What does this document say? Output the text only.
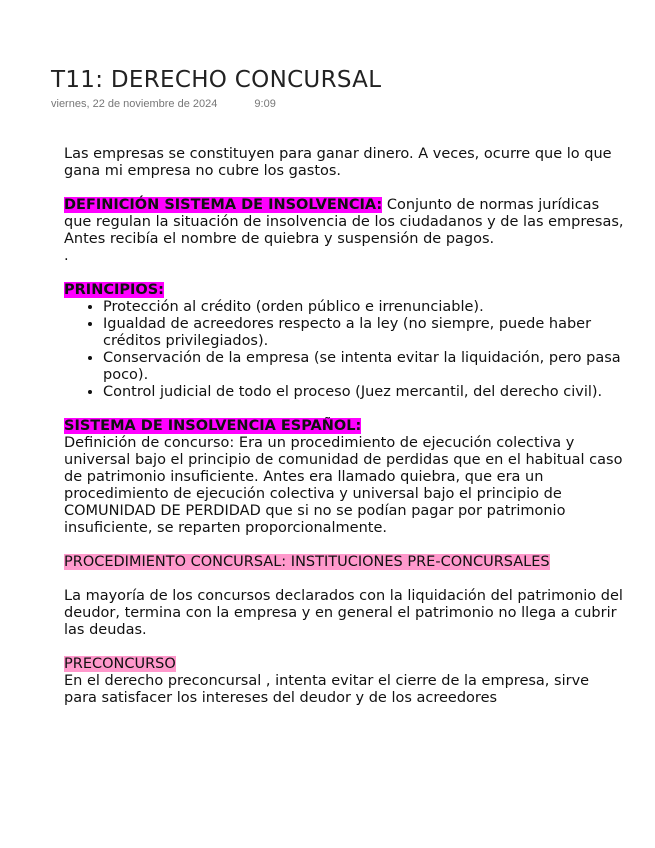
T11: DERECHO CONCURSAL
viernes, 22 de noviembre de 2024	9:09

Las empresas se constituyen para ganar dinero. A veces, ocurre que lo que gana mi empresa no cubre los gastos.

DEFINICIÓN SISTEMA DE INSOLVENCIA: Conjunto de normas jurídicas que regulan la situación de insolvencia de los ciudadanos y de las empresas, Antes recibía el nombre de quiebra y suspensión de pagos.

.

PRINCIPIOS:

• Protección al crédito (orden público e irrenunciable).
• Igualdad de acreedores respecto a la ley (no siempre, puede haber créditos privilegiados).
• Conservación de la empresa (se intenta evitar la liquidación, pero pasa poco).
• Control judicial de todo el proceso (Juez mercantil, del derecho civil).

SISTEMA DE INSOLVENCIA ESPAÑOL:

Definición de concurso: Era un procedimiento de ejecución colectiva y universal bajo el principio de comunidad de perdidas que en el habitual caso de patrimonio insuficiente. Antes era llamado quiebra, que era un procedimiento de ejecución colectiva y universal bajo el principio de COMUNIDAD DE PERDIDAD que si no se podían pagar por patrimonio insuficiente, se reparten proporcionalmente.

PROCEDIMIENTO CONCURSAL: INSTITUCIONES PRE-CONCURSALES

La mayoría de los concursos declarados con la liquidación del patrimonio del deudor, termina con la empresa y en general el patrimonio no llega a cubrir las deudas.

PRECONCURSO

En el derecho preconcursal , intenta evitar el cierre de la empresa, sirve para satisfacer los intereses del deudor y de los acreedores
